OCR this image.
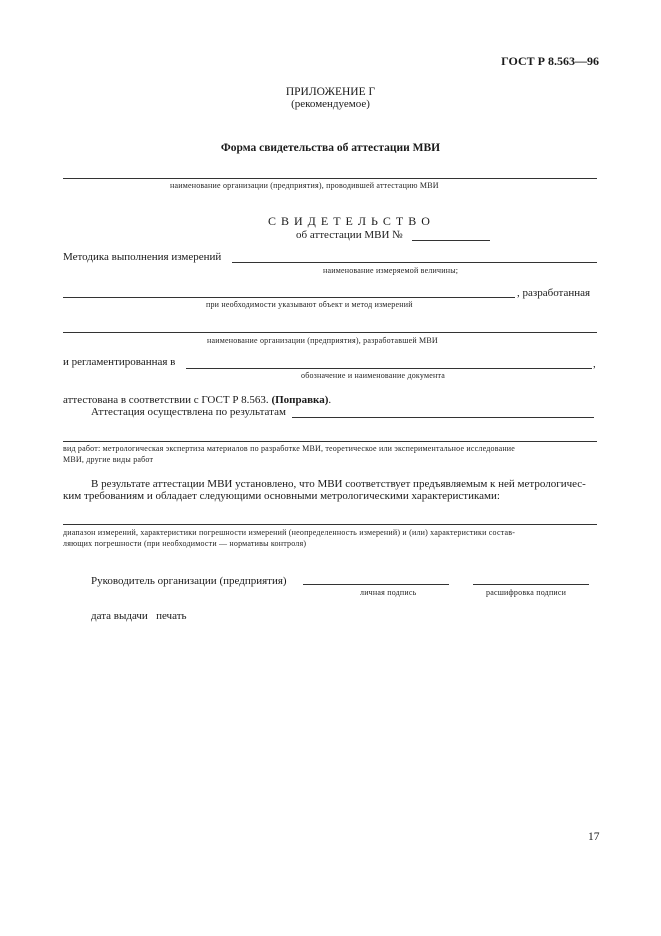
ГОСТ Р 8.563—96
ПРИЛОЖЕНИЕ Г
(рекомендуемое)
Форма свидетельства об аттестации МВИ
наименование организации (предприятия), проводившей аттестацию МВИ
С В И Д Е Т Е Л Ь С Т В О
об аттестации МВИ №
Методика выполнения измерений
наименование измеряемой величины;
, разработанная
при необходимости указывают объект и метод измерений
наименование организации (предприятия), разработавшей МВИ
и регламентированная в	,
обозначение и наименование документа
аттестована в соответствии с ГОСТ Р 8.563. (Поправка).
Аттестация осуществлена по результатам
вид работ: метрологическая экспертиза материалов по разработке МВИ, теоретическое или экспериментальное исследование
МВИ, другие виды работ
В результате аттестации МВИ установлено, что МВИ соответствует предъявляемым к ней метрологичес-
ким требованиям и обладает следующими основными метрологическими характеристиками:
диапазон измерений, характеристики погрешности измерений (неопределенность измерений) и (или) характеристики состав-
ляющих погрешности (при необходимости — нормативы контроля)
Руководитель организации (предприятия)
личная подпись	расшифровка подписи
дата выдачи печать
17
